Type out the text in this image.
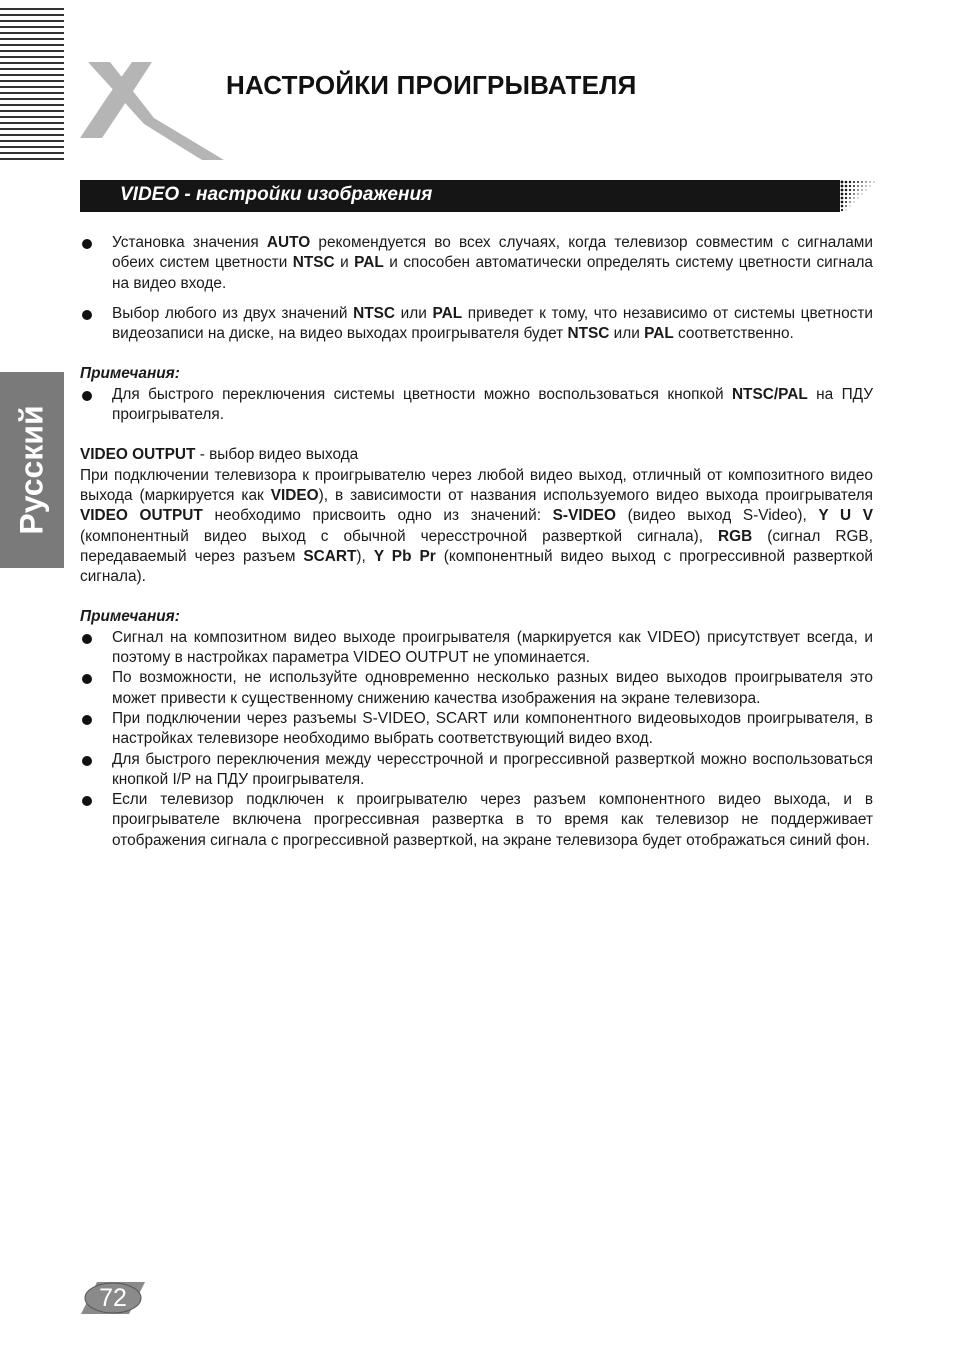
НАСТРОЙКИ ПРОИГРЫВАТЕЛЯ
VIDEO - настройки изображения
Русский

Установка значения AUTO рекомендуется во всех случаях, когда телевизор совместим с сигналами обеих систем цветности NTSC и PAL и способен автоматически определять систему цветности сигнала на видео входе.

Выбор любого из двух значений NTSC или PAL приведет к тому, что независимо от системы цветности видеозаписи на диске, на видео выходах проигрывателя будет NTSC или PAL соответственно.

Примечания:

Для быстрого переключения системы цветности можно воспользоваться кнопкой NTSC/PAL на ПДУ проигрывателя.

VIDEO OUTPUT - выбор видео выхода

При подключении телевизора к проигрывателю через любой видео выход, отличный от композитного видео выхода (маркируется как VIDEO), в зависимости от названия используемого видео выхода проигрывателя VIDEO OUTPUT необходимо присвоить одно из значений: S-VIDEO (видео выход S-Video), Y U V (компонентный видео выход с обычной чересстрочной разверткой сигнала), RGB (сигнал RGB, передаваемый через разъем SCART), Y Pb Pr (компонентный видео выход с прогрессивной разверткой сигнала).

Примечания:

Сигнал на композитном видео выходе проигрывателя (маркируется как VIDEO) присутствует всегда, и поэтому в настройках параметра VIDEO OUTPUT не упоминается.

По возможности, не используйте одновременно несколько разных видео выходов проигрывателя это может привести к существенному снижению качества изображения на экране телевизора.

При подключении через разъемы S-VIDEO, SCART или компонентного видеовыходов проигрывателя, в настройках телевизоре необходимо выбрать соответствующий видео вход.

Для быстрого переключения между чересстрочной и прогрессивной разверткой можно воспользоваться кнопкой I/P на ПДУ проигрывателя.

Если телевизор подключен к проигрывателю через разъем компонентного видео выхода, и в проигрывателе включена прогрессивная развертка в то время как телевизор не поддерживает отображения сигнала с прогрессивной разверткой, на экране телевизора будет отображаться синий фон.

72
